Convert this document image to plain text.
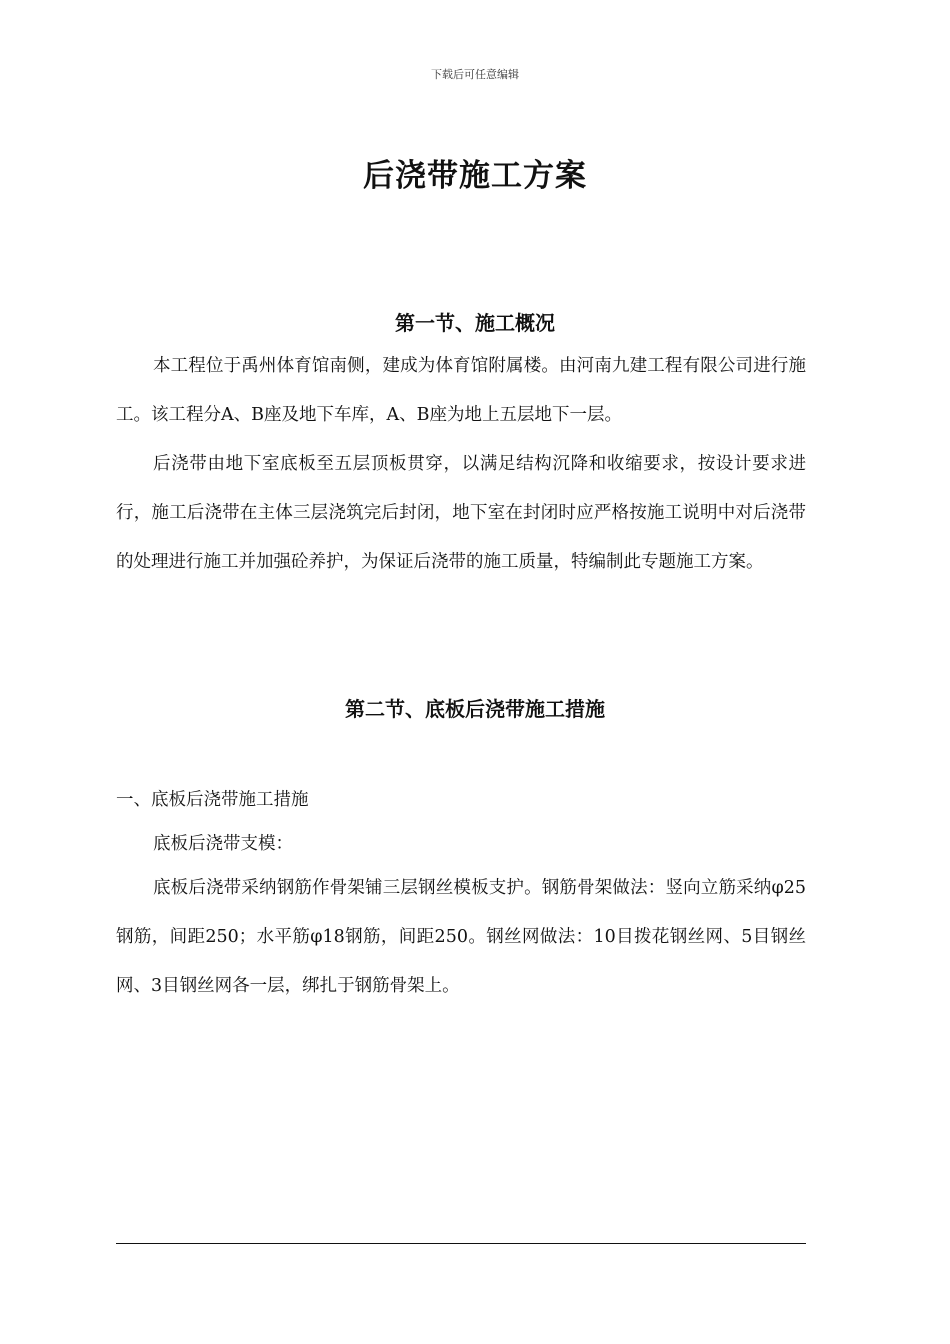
下载后可任意编辑
后浇带施工方案
第一节、施工概况

本工程位于禹州体育馆南侧，建成为体育馆附属楼。由河南九建工程有限公司进行施工。该工程分A、B座及地下车库，A、B座为地上五层地下一层。

后浇带由地下室底板至五层顶板贯穿，以满足结构沉降和收缩要求，按设计要求进行，施工后浇带在主体三层浇筑完后封闭，地下室在封闭时应严格按施工说明中对后浇带的处理进行施工并加强砼养护，为保证后浇带的施工质量，特编制此专题施工方案。

第二节、底板后浇带施工措施

一、底板后浇带施工措施

底板后浇带支模：

底板后浇带采纳钢筋作骨架铺三层钢丝模板支护。钢筋骨架做法：竖向立筋采纳φ25钢筋，间距250；水平筋φ18钢筋，间距250。钢丝网做法：10目拨花钢丝网、5目钢丝网、3目钢丝网各一层，绑扎于钢筋骨架上。
